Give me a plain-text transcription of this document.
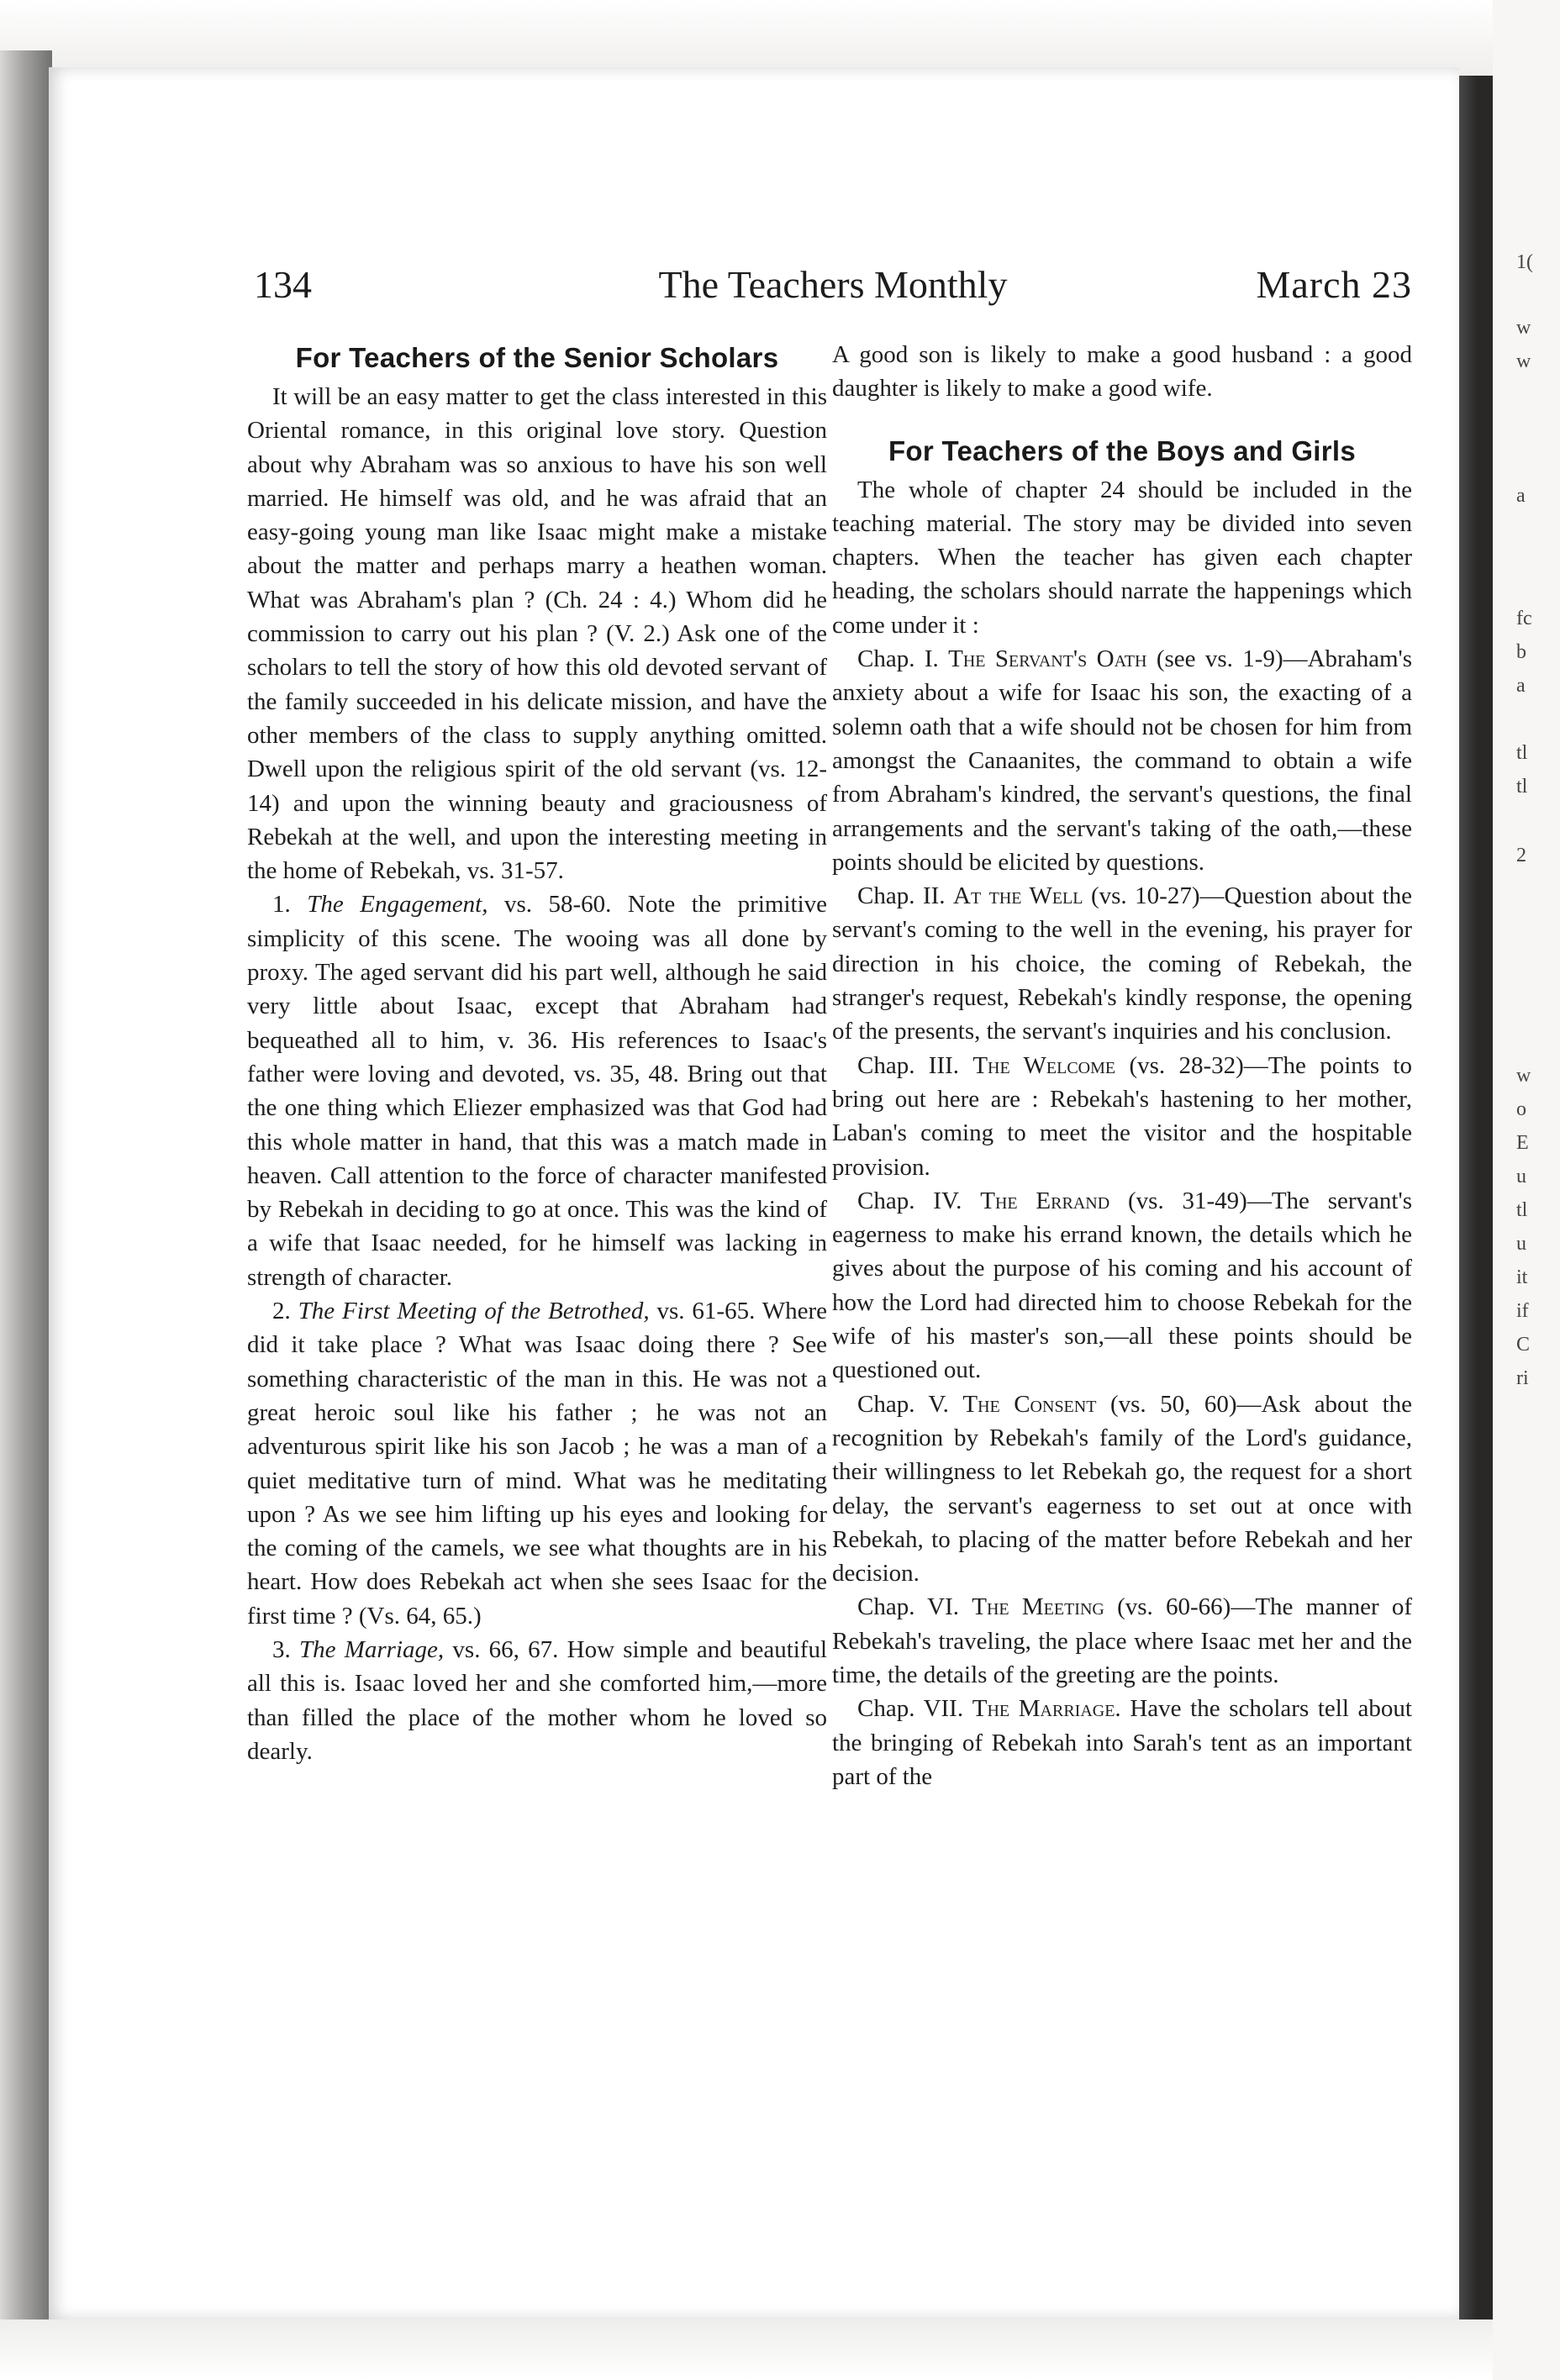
1(
w
w
a
fc
b
a
tl
tl
2
w
o
E
u
tl
u
it
if
C
ri
134	The Teachers Monthly	March 23
For Teachers of the Senior Scholars

It will be an easy matter to get the class interested in this Oriental romance, in this original love story. Question about why Abraham was so anxious to have his son well married. He himself was old, and he was afraid that an easy-going young man like Isaac might make a mistake about the matter and perhaps marry a heathen woman. What was Abraham's plan ? (Ch. 24 : 4.) Whom did he commission to carry out his plan ? (V. 2.) Ask one of the scholars to tell the story of how this old devoted servant of the family succeeded in his delicate mission, and have the other members of the class to supply anything omitted. Dwell upon the religious spirit of the old servant (vs. 12-14) and upon the winning beauty and graciousness of Rebekah at the well, and upon the interesting meeting in the home of Rebekah, vs. 31-57.

1. The Engagement, vs. 58-60. Note the primitive simplicity of this scene. The wooing was all done by proxy. The aged servant did his part well, although he said very little about Isaac, except that Abraham had bequeathed all to him, v. 36. His references to Isaac's father were loving and devoted, vs. 35, 48. Bring out that the one thing which Eliezer emphasized was that God had this whole matter in hand, that this was a match made in heaven. Call attention to the force of character manifested by Rebekah in deciding to go at once. This was the kind of a wife that Isaac needed, for he himself was lacking in strength of character.

2. The First Meeting of the Betrothed, vs. 61-65. Where did it take place ? What was Isaac doing there ? See something characteristic of the man in this. He was not a great heroic soul like his father ; he was not an adventurous spirit like his son Jacob ; he was a man of a quiet meditative turn of mind. What was he meditating upon ? As we see him lifting up his eyes and looking for the coming of the camels, we see what thoughts are in his heart. How does Rebekah act when she sees Isaac for the first time ? (Vs. 64, 65.)

3. The Marriage, vs. 66, 67. How simple and beautiful all this is. Isaac loved her and she comforted him,—more than filled the place of the mother whom he loved so dearly.

A good son is likely to make a good husband : a good daughter is likely to make a good wife.

For Teachers of the Boys and Girls

The whole of chapter 24 should be included in the teaching material. The story may be divided into seven chapters. When the teacher has given each chapter heading, the scholars should narrate the happenings which come under it :

Chap. I. The Servant's Oath (see vs. 1-9)—Abraham's anxiety about a wife for Isaac his son, the exacting of a solemn oath that a wife should not be chosen for him from amongst the Canaanites, the command to obtain a wife from Abraham's kindred, the servant's questions, the final arrangements and the servant's taking of the oath,—these points should be elicited by questions.

Chap. II. At the Well (vs. 10-27)—Question about the servant's coming to the well in the evening, his prayer for direction in his choice, the coming of Rebekah, the stranger's request, Rebekah's kindly response, the opening of the presents, the servant's inquiries and his conclusion.

Chap. III. The Welcome (vs. 28-32)—The points to bring out here are : Rebekah's hastening to her mother, Laban's coming to meet the visitor and the hospitable provision.

Chap. IV. The Errand (vs. 31-49)—The servant's eagerness to make his errand known, the details which he gives about the purpose of his coming and his account of how the Lord had directed him to choose Rebekah for the wife of his master's son,—all these points should be questioned out.

Chap. V. The Consent (vs. 50, 60)—Ask about the recognition by Rebekah's family of the Lord's guidance, their willingness to let Rebekah go, the request for a short delay, the servant's eagerness to set out at once with Rebekah, to placing of the matter before Rebekah and her decision.

Chap. VI. The Meeting (vs. 60-66)—The manner of Rebekah's traveling, the place where Isaac met her and the time, the details of the greeting are the points.

Chap. VII. The Marriage. Have the scholars tell about the bringing of Rebekah into Sarah's tent as an important part of the
